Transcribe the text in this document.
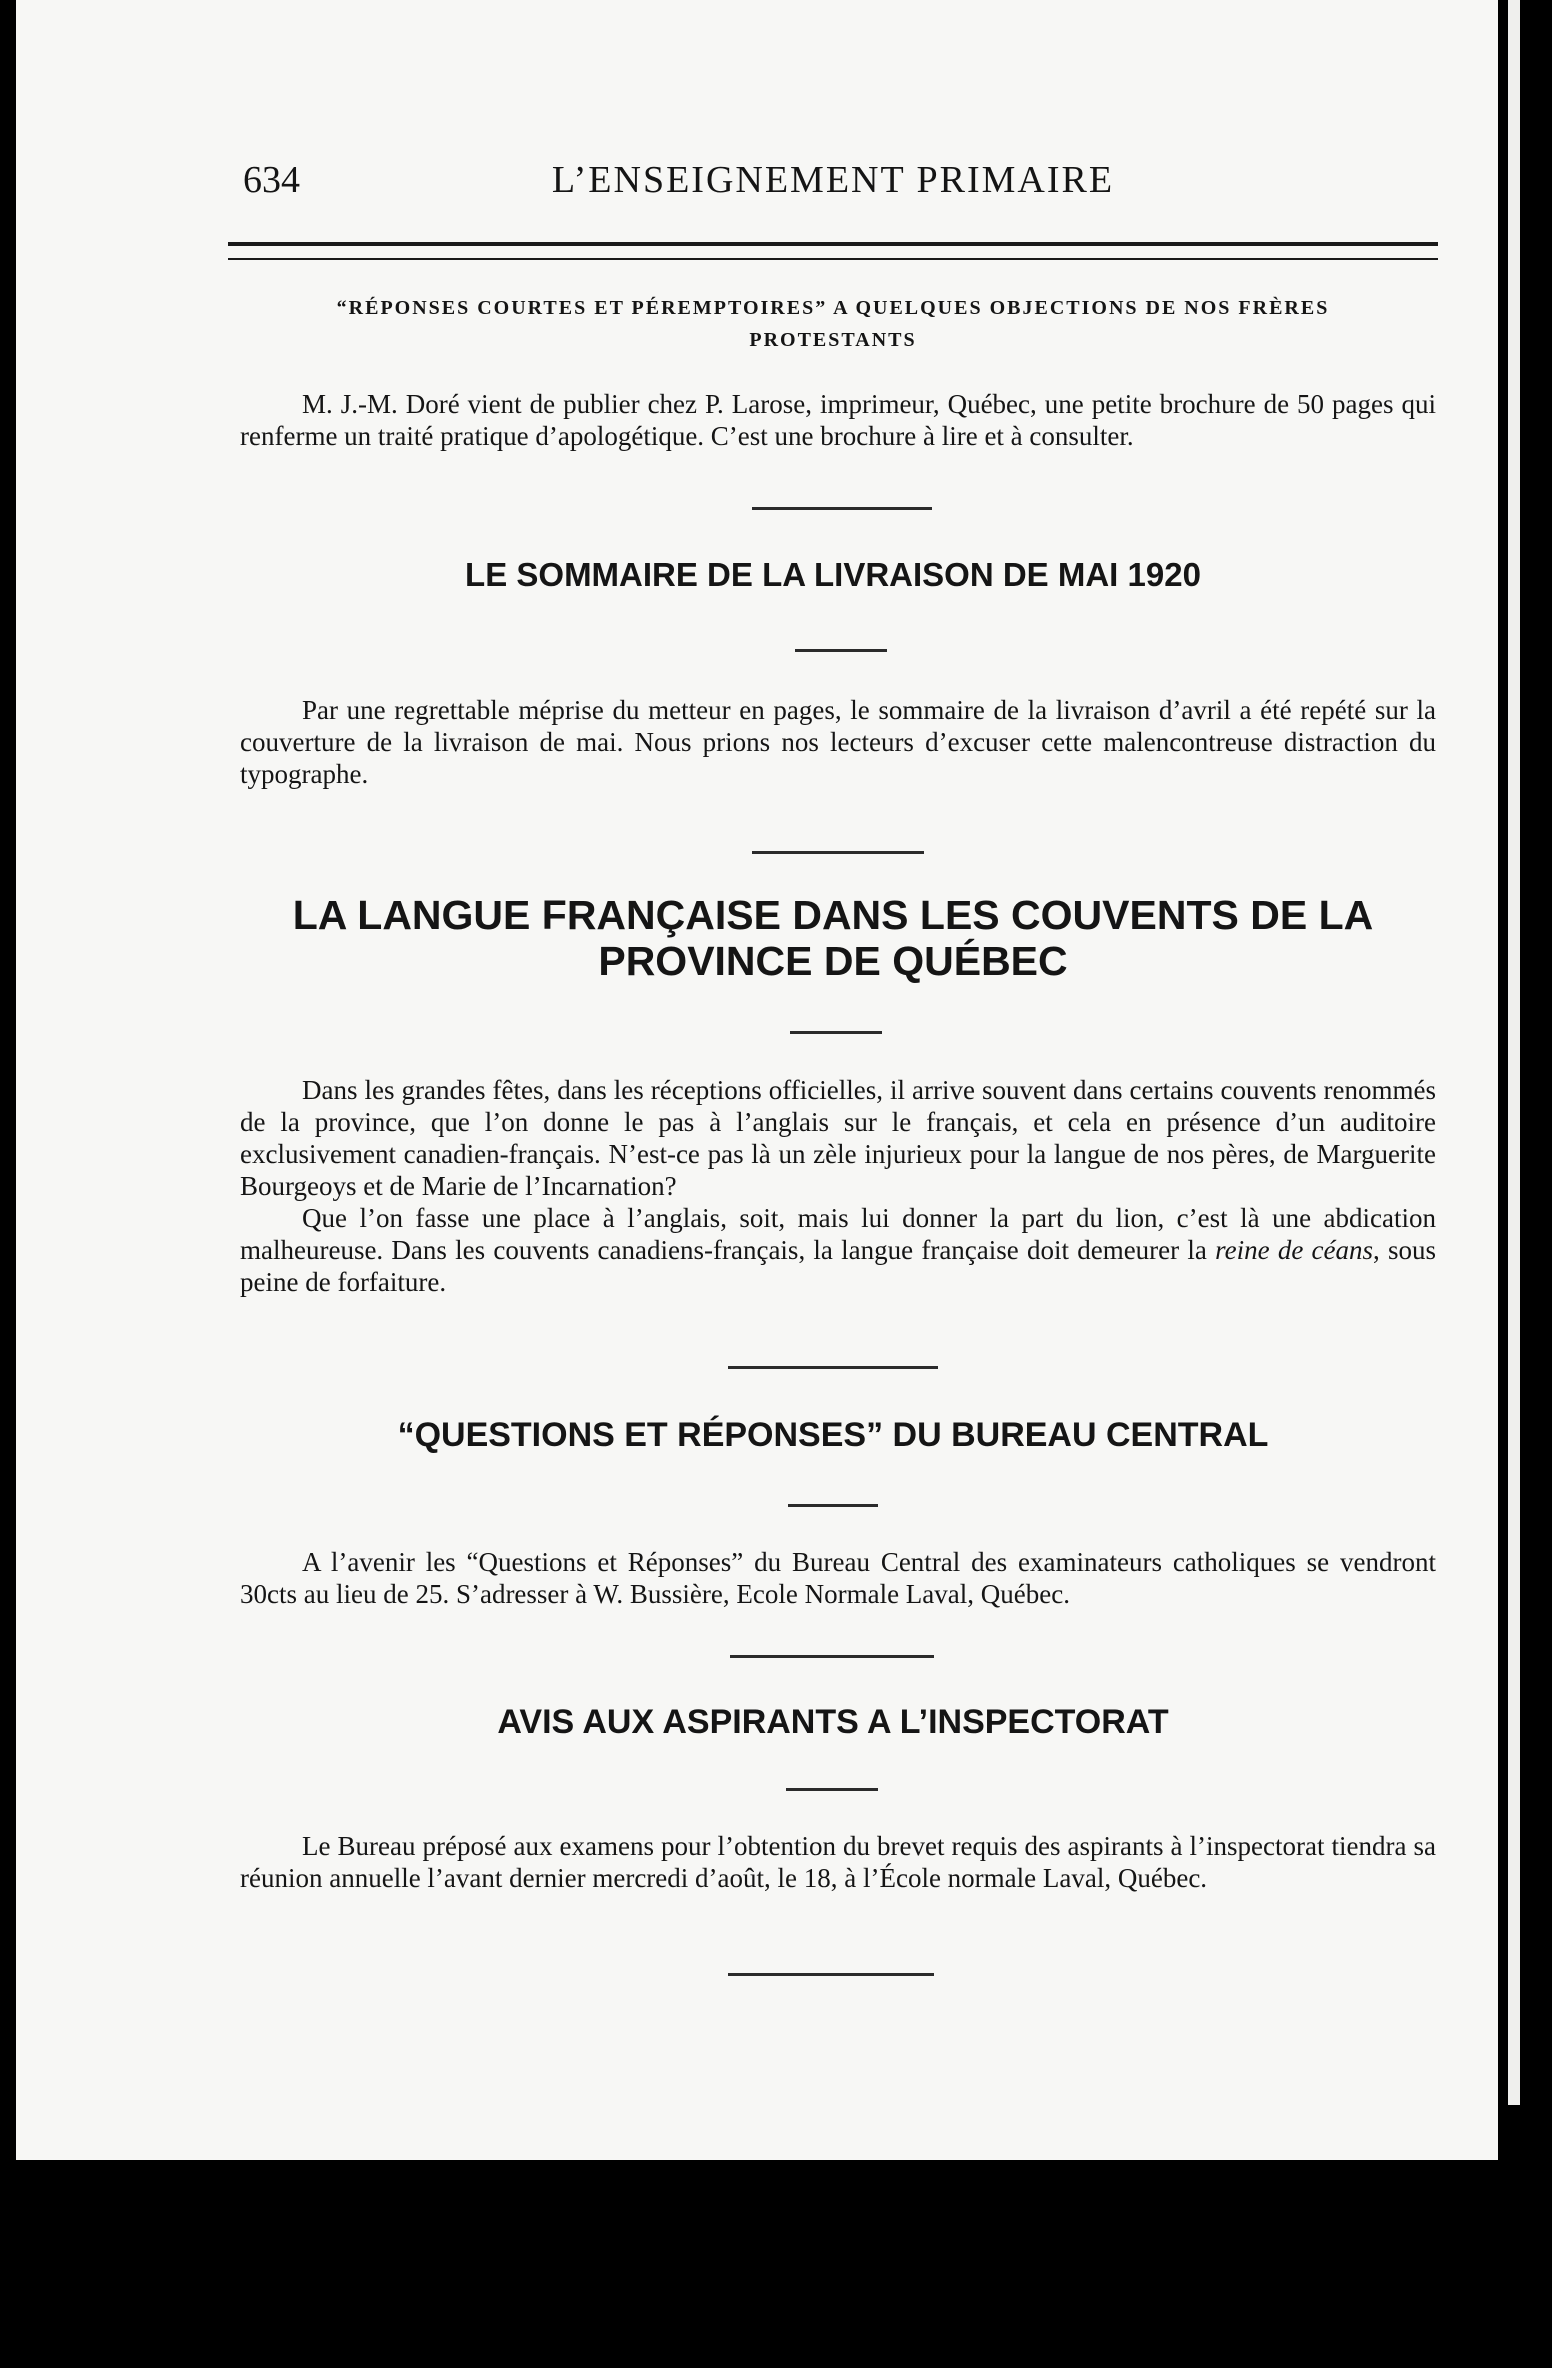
634	L’ENSEIGNEMENT PRIMAIRE
“RÉPONSES COURTES ET PÉREMPTOIRES” A QUELQUES OBJECTIONS DE NOS FRÈRES
PROTESTANTS

M. J.-M. Doré vient de publier chez P. Larose, imprimeur, Québec, une petite brochure de 50 pages qui renferme un traité pratique d’apologétique. C’est une brochure à lire et à consulter.

LE SOMMAIRE DE LA LIVRAISON DE MAI 1920

Par une regrettable méprise du metteur en pages, le sommaire de la livraison d’avril a été repété sur la couverture de la livraison de mai. Nous prions nos lecteurs d’excuser cette malencontreuse distraction du typographe.

LA LANGUE FRANÇAISE DANS LES COUVENTS DE LA
PROVINCE DE QUÉBEC

Dans les grandes fêtes, dans les réceptions officielles, il arrive souvent dans certains couvents renommés de la province, que l’on donne le pas à l’anglais sur le français, et cela en présence d’un auditoire exclusivement canadien-français. N’est-ce pas là un zèle injurieux pour la langue de nos pères, de Marguerite Bourgeoys et de Marie de l’Incarnation?

Que l’on fasse une place à l’anglais, soit, mais lui donner la part du lion, c’est là une abdication malheureuse. Dans les couvents canadiens-français, la langue française doit demeurer la reine de céans, sous peine de forfaiture.

“QUESTIONS ET RÉPONSES” DU BUREAU CENTRAL

A l’avenir les “Questions et Réponses” du Bureau Central des examinateurs catholiques se vendront 30cts au lieu de 25. S’adresser à W. Bussière, Ecole Normale Laval, Québec.

AVIS AUX ASPIRANTS A L’INSPECTORAT

Le Bureau préposé aux examens pour l’obtention du brevet requis des aspirants à l’inspectorat tiendra sa réunion annuelle l’avant dernier mercredi d’août, le 18, à l’École normale Laval, Québec.
